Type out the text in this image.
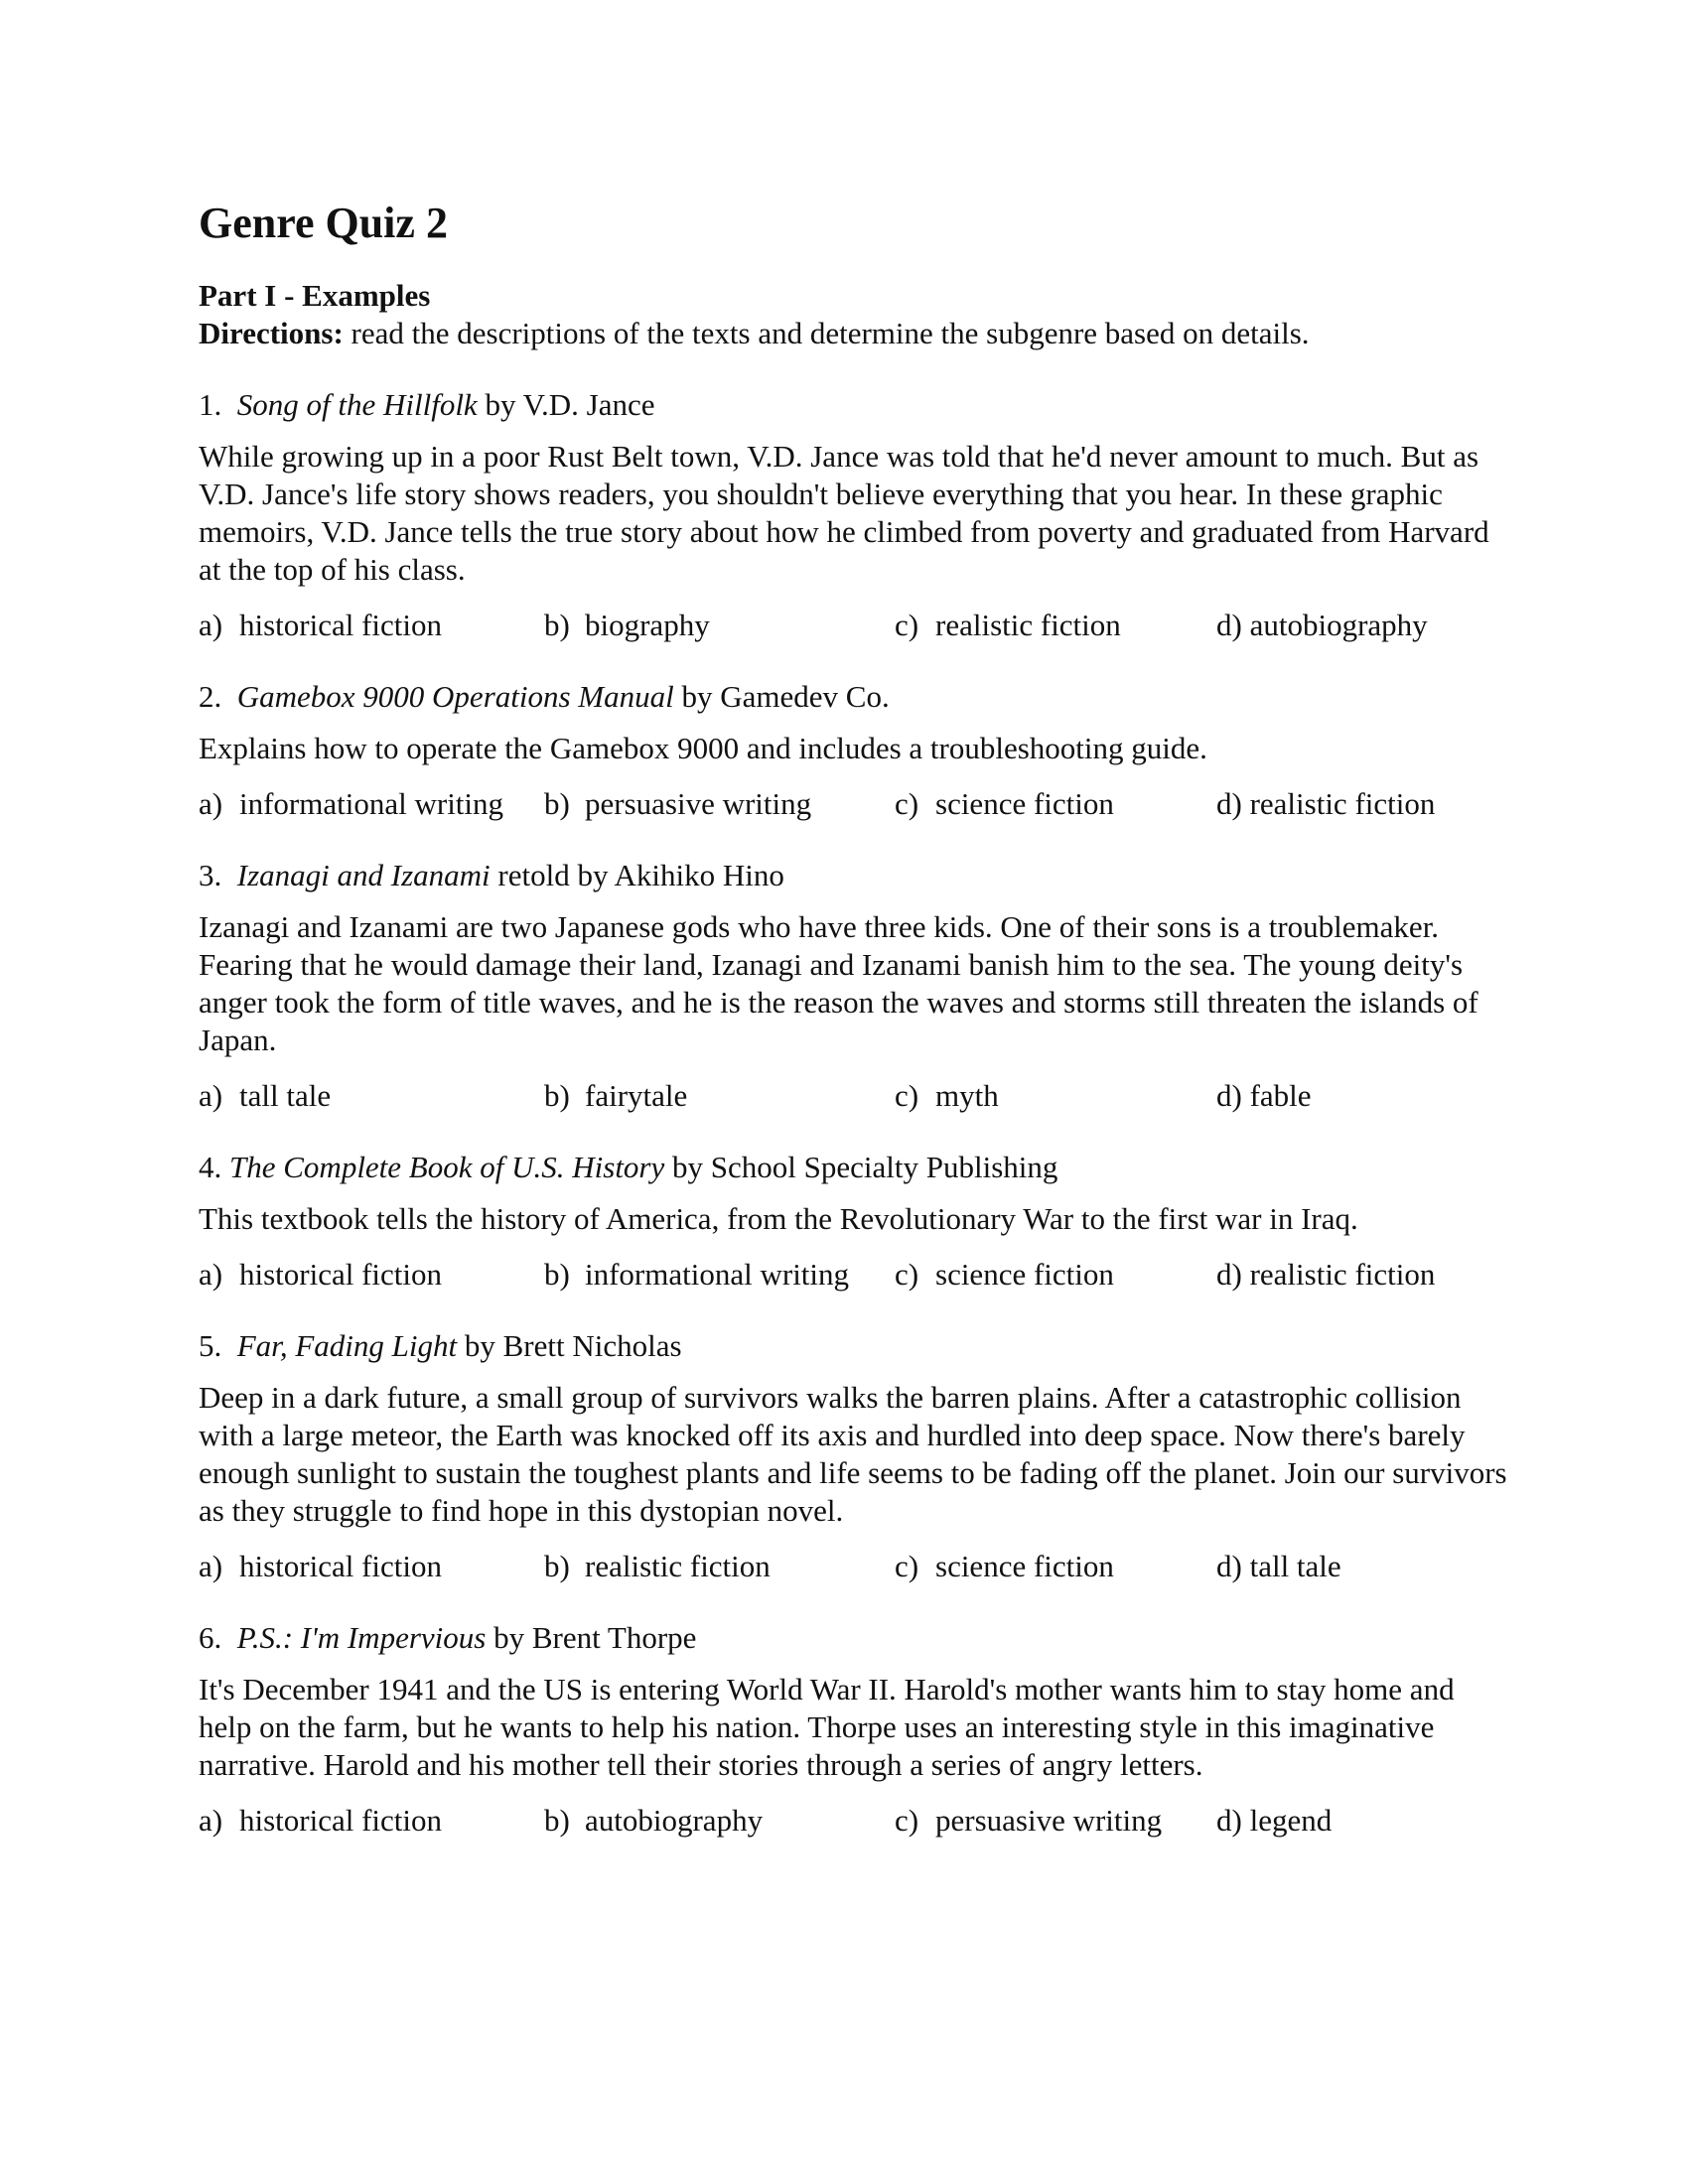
Genre Quiz 2
Part I - Examples
Directions: read the descriptions of the texts and determine the subgenre based on details.
1. Song of the Hillfolk by V.D. Jance
While growing up in a poor Rust Belt town, V.D. Jance was told that he'd never amount to much. But as V.D. Jance's life story shows readers, you shouldn't believe everything that you hear. In these graphic memoirs, V.D. Jance tells the true story about how he climbed from poverty and graduated from Harvard at the top of his class.
a) historical fiction	b) biography	c) realistic fiction	d) autobiography
2. Gamebox 9000 Operations Manual by Gamedev Co.
Explains how to operate the Gamebox 9000 and includes a troubleshooting guide.
a) informational writing	b) persuasive writing	c) science fiction	d) realistic fiction
3. Izanagi and Izanami retold by Akihiko Hino
Izanagi and Izanami are two Japanese gods who have three kids. One of their sons is a troublemaker. Fearing that he would damage their land, Izanagi and Izanami banish him to the sea. The young deity's anger took the form of title waves, and he is the reason the waves and storms still threaten the islands of Japan.
a) tall tale	b) fairytale	c) myth	d) fable
4. The Complete Book of U.S. History by School Specialty Publishing
This textbook tells the history of America, from the Revolutionary War to the first war in Iraq.
a) historical fiction	b) informational writing	c) science fiction	d) realistic fiction
5. Far, Fading Light by Brett Nicholas
Deep in a dark future, a small group of survivors walks the barren plains. After a catastrophic collision with a large meteor, the Earth was knocked off its axis and hurdled into deep space. Now there's barely enough sunlight to sustain the toughest plants and life seems to be fading off the planet. Join our survivors as they struggle to find hope in this dystopian novel.
a) historical fiction	b) realistic fiction	c) science fiction	d) tall tale
6. P.S.: I'm Impervious by Brent Thorpe
It's December 1941 and the US is entering World War II. Harold's mother wants him to stay home and help on the farm, but he wants to help his nation. Thorpe uses an interesting style in this imaginative narrative. Harold and his mother tell their stories through a series of angry letters.
a) historical fiction	b) autobiography	c) persuasive writing	d) legend
